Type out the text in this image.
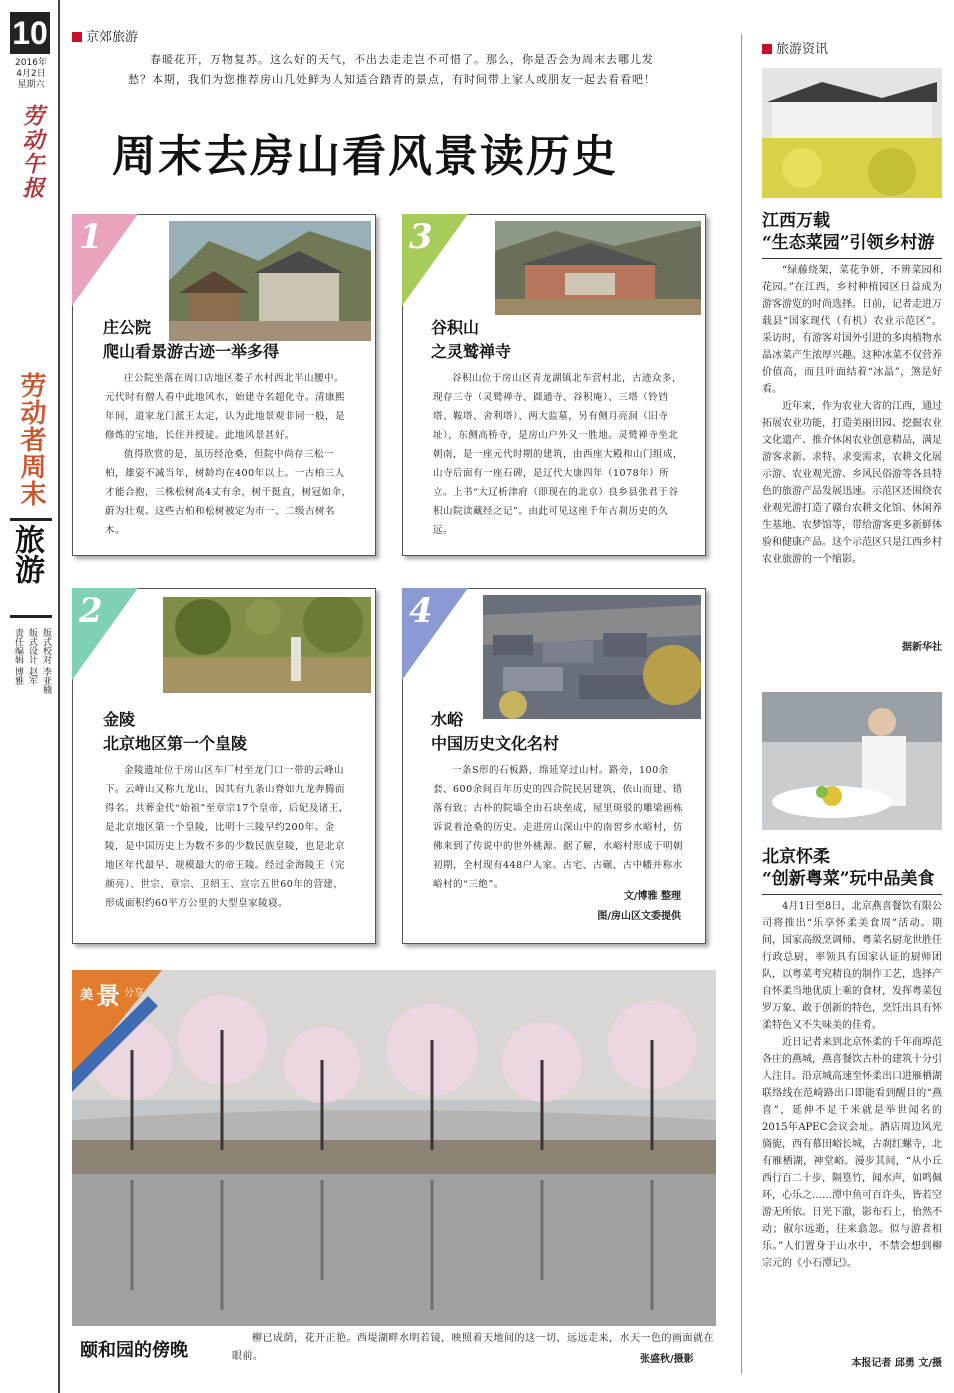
10
2016年
4月2日
星期六
劳动午报
劳动者周末
旅游
版式校对 李亚楠
版式设计 赵军
责任编辑 博雅
京郊旅游
春暖花开，万物复苏。这么好的天气，不出去走走岂不可惜了。那么，你是否会为周末去哪儿发愁？本期，我们为您推荐房山几处鲜为人知适合踏青的景点，有时间带上家人或朋友一起去看看吧！
周末去房山看风景读历史
1
庄公院
爬山看景游古迹一举多得

庄公院坐落在周口店地区娄子水村西北半山腰中。元代时有僧人看中此地风水，始建寺名超化寺。清康熙年间，道家龙门派王太定，认为此地景观非同一般，是修炼的宝地，长住并授徒。此地风景甚好。

值得欣赏的是，虽历经沧桑，但院中尚存三松一柏，雄姿不减当年，树龄均在400年以上。一古柏三人才能合抱，三株松树高4丈有余，树干挺直，树冠如伞，蔚为壮观。这些古柏和松树被定为市一、二级古树名木。

3
谷积山
之灵鹫禅寺

谷积山位于房山区青龙湖镇北车营村北，古迹众多，现存三寺（灵鹫禅寺、圆通寺、谷积庵）、三塔（铃铛塔、鞍塔、舍利塔）、两大监墓，另有侧月亮洞（旧寺址），东侧高桥寺，是房山户外又一胜地。灵鹫禅寺坐北朝南，是一座元代时期的建筑，由西座大殿和山门组成，山寺后面有一座石碑，是辽代大康四年（1078年）所立。上书“大辽析津府（即现在的北京）良乡县张君于谷积山院读藏经之记”。由此可见这座千年古刹历史的久远。

2
金陵
北京地区第一个皇陵

金陵遗址位于房山区车厂村至龙门口一带的云峰山下。云峰山又称九龙山，因其有九条山脊如九龙奔腾而得名。共葬金代“始祖”至章宗17个皇帝，后妃及诸王，是北京地区第一个皇陵，比明十三陵早约200年。金陵，是中国历史上为数不多的少数民族皇陵，也是北京地区年代最早、规模最大的帝王陵。经过金海陵王（完颜亮）、世宗、章宗、卫绍王、宣宗五世60年的营建，形成面积约60平方公里的大型皇家陵寝。

4
水峪
中国历史文化名村

一条S形的石板路，绵延穿过山村。路旁，100余套、600余间百年历史的四合院民居建筑，依山而建、错落有致；古朴的院墙全由石块垒成，屋里斑驳的雕梁画栋诉说着沧桑的历史。走进房山深山中的南窖乡水峪村，仿佛来到了传说中的世外桃源。据了解，水峪村形成于明朝初期，全村现有448户人家。古宅、古碾、古中幡并称水峪村的“三绝”。

文/博雅 整理
图/房山区文委提供
美 景 分享
颐和园的傍晚
柳已成荫，花开正艳。西堤湖畔水明若镜，映照着天地间的这一切，远远走来，水天一色的画面就在眼前。	张盛秋/摄影
旅游资讯
江西万载
“生态菜园”引领乡村游

“绿藤绕架，菜花争妍，不辨菜园和花园。”在江西，乡村种植园区日益成为游客游览的时尚选择。日前，记者走进万载县“国家现代（有机）农业示范区”。采访时，有游客对国外引进的多肉植物水晶冰菜产生浓厚兴趣。这种冰菜不仅营养价值高，而且叶面结着“冰晶”，煞是好看。

近年来，作为农业大省的江西，通过拓展农业功能，打造美丽田园、挖掘农业文化遗产、推介休闲农业创意精品，满足游客求新、求特、求变需求，农耕文化展示游、农业观光游、乡风民俗游等各具特色的旅游产品发展迅速。示范区还围绕农业观光游打造了赣台农耕文化馆、休闲养生基地、农梦馆等，带给游客更多新鲜体验和健康产品。这个示范区只是江西乡村农业旅游的一个缩影。

据新华社
北京怀柔
“创新粤菜”玩中品美食

4月1日至8日，北京燕喜餐饮有限公司将推出“乐享怀柔美食周”活动。期间，国家高级烹调师、粤菜名厨龙世胜任行政总厨，率领具有国家认证的厨师团队，以粤菜考究精良的制作工艺，选择产自怀柔当地优质上乘的食材，发挥粤菜包罗万象、敢于创新的特色，烹饪出具有怀柔特色又不失味美的佳肴。

近日记者来到北京怀柔的千年商埠范各庄的燕城，燕喜餐饮古朴的建筑十分引人注目。沿京城高速至怀柔出口进雁栖湖联络线在范崎路出口即能看到醒目的“燕喜”，延伸不足千米就是举世闻名的2015年APEC会议会址。酒店周边风光旖旎，西有慕田峪长城，古刹红螺寺，北有雁栖湖，神堂峪。漫步其间，“从小丘西行百二十步，隔篁竹，闻水声，如鸣佩环，心乐之……潭中鱼可百许头，皆若空游无所依。日光下澈，影布石上，佁然不动；俶尔远逝，往来翕忽。似与游者相乐。”人们置身于山水中，不禁会想到柳宗元的《小石潭记》。

本报记者 邱勇 文/摄
